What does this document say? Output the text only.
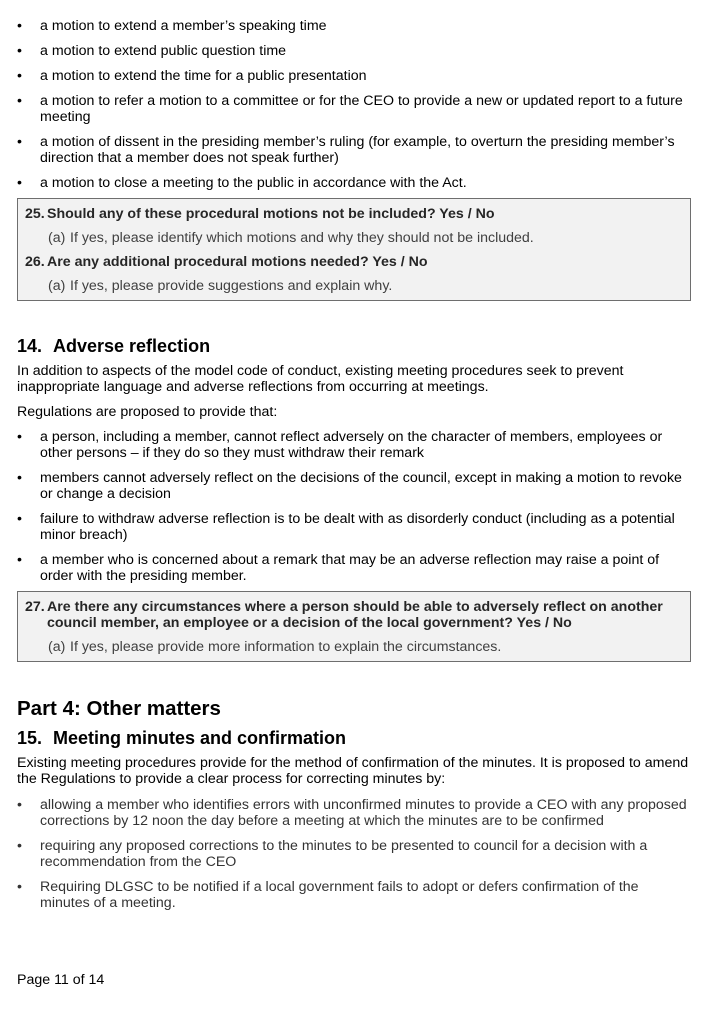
•	a motion to extend a member’s speaking time
•	a motion to extend public question time
•	a motion to extend the time for a public presentation
•	a motion to refer a motion to a committee or for the CEO to provide a new or updated report to a future meeting
•	a motion of dissent in the presiding member’s ruling (for example, to overturn the presiding member’s direction that a member does not speak further)
•	a motion to close a meeting to the public in accordance with the Act.
25. Should any of these procedural motions not be included? Yes / No
(a) If yes, please identify which motions and why they should not be included.
26. Are any additional procedural motions needed? Yes / No
(a) If yes, please provide suggestions and explain why.
14. Adverse reflection

In addition to aspects of the model code of conduct, existing meeting procedures seek to prevent inappropriate language and adverse reflections from occurring at meetings.

Regulations are proposed to provide that:

•	a person, including a member, cannot reflect adversely on the character of members, employees or other persons – if they do so they must withdraw their remark
•	members cannot adversely reflect on the decisions of the council, except in making a motion to revoke or change a decision
•	failure to withdraw adverse reflection is to be dealt with as disorderly conduct (including as a potential minor breach)
•	a member who is concerned about a remark that may be an adverse reflection may raise a point of order with the presiding member.
27. Are there any circumstances where a person should be able to adversely reflect on another council member, an employee or a decision of the local government? Yes / No
(a) If yes, please provide more information to explain the circumstances.
Part 4: Other matters
15. Meeting minutes and confirmation

Existing meeting procedures provide for the method of confirmation of the minutes. It is proposed to amend the Regulations to provide a clear process for correcting minutes by:

•	allowing a member who identifies errors with unconfirmed minutes to provide a CEO with any proposed corrections by 12 noon the day before a meeting at which the minutes are to be confirmed
•	requiring any proposed corrections to the minutes to be presented to council for a decision with a recommendation from the CEO
•	Requiring DLGSC to be notified if a local government fails to adopt or defers confirmation of the minutes of a meeting.
Page 11 of 14
